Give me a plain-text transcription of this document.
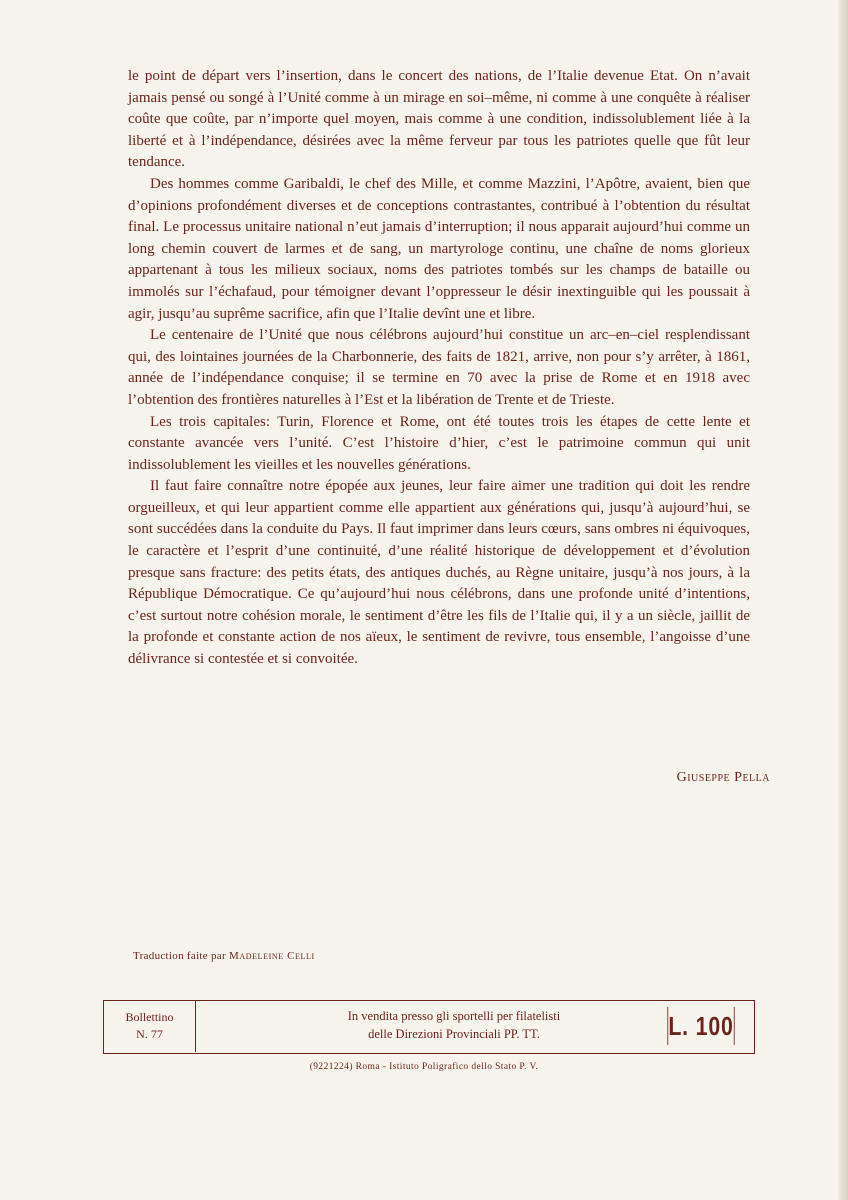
le point de départ vers l’insertion, dans le concert des nations, de l’Italie devenue Etat. On n’avait jamais pensé ou songé à l’Unité comme à un mirage en soi–même, ni comme à une conquête à réaliser coûte que coûte, par n’importe quel moyen, mais comme à une condition, indissolublement liée à la liberté et à l’indépendance, désirées avec la même ferveur par tous les patriotes quelle que fût leur tendance.

Des hommes comme Garibaldi, le chef des Mille, et comme Mazzini, l’Apôtre, avaient, bien que d’opinions profondément diverses et de conceptions contrastantes, contribué à l’obtention du résultat final. Le processus unitaire national n’eut jamais d’interruption; il nous apparait aujourd’hui comme un long chemin couvert de larmes et de sang, un martyrologe continu, une chaîne de noms glorieux appartenant à tous les milieux sociaux, noms des patriotes tombés sur les champs de bataille ou immolés sur l’échafaud, pour témoigner devant l’oppresseur le désir inextinguible qui les poussait à agir, jusqu’au suprême sacrifice, afin que l’Italie devînt une et libre.

Le centenaire de l’Unité que nous célébrons aujourd’hui constitue un arc–en–ciel resplendissant qui, des lointaines journées de la Charbonnerie, des faits de 1821, arrive, non pour s’y arrêter, à 1861, année de l’indépendance conquise; il se termine en 70 avec la prise de Rome et en 1918 avec l’obtention des frontières naturelles à l’Est et la libération de Trente et de Trieste.

Les trois capitales: Turin, Florence et Rome, ont été toutes trois les étapes de cette lente et constante avancée vers l’unité. C’est l’histoire d’hier, c’est le patrimoine commun qui unit indissolublement les vieilles et les nouvelles générations.

Il faut faire connaître notre épopée aux jeunes, leur faire aimer une tradition qui doit les rendre orgueilleux, et qui leur appartient comme elle appartient aux générations qui, jusqu’à aujourd’hui, se sont succédées dans la conduite du Pays. Il faut imprimer dans leurs cœurs, sans ombres ni équivoques, le caractère et l’esprit d’une continuité, d’une réalité historique de développement et d’évolution presque sans fracture: des petits états, des antiques duchés, au Règne unitaire, jusqu’à nos jours, à la République Démocratique. Ce qu’aujourd’hui nous célébrons, dans une profonde unité d’intentions, c’est surtout notre cohésion morale, le sentiment d’être les fils de l’Italie qui, il y a un siècle, jaillit de la profonde et constante action de nos aïeux, le sentiment de revivre, tous ensemble, l’angoisse d’une délivrance si contestée et si convoitée.

Giuseppe Pella
Traduction faite par Madeleine Celli
Bollettino
N. 77
In vendita presso gli sportelli per filatelisti
delle Direzioni Provinciali PP. TT.	L. 100
(9221224) Roma - Istituto Poligrafico dello Stato P. V.
